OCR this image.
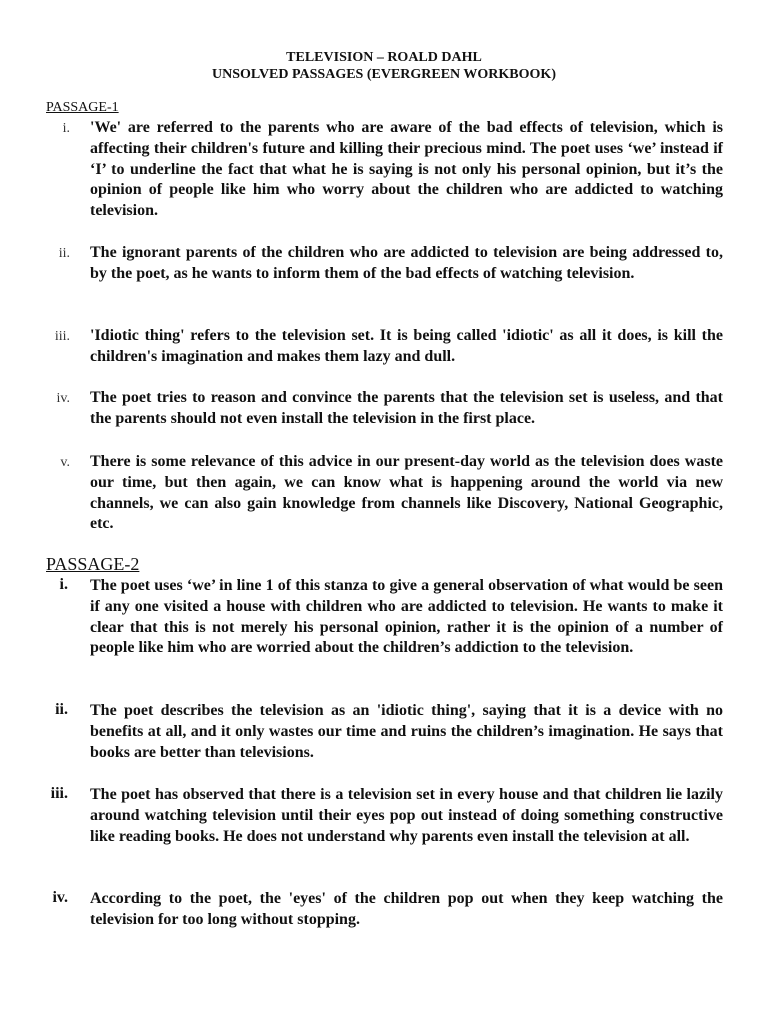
TELEVISION – ROALD DAHL
UNSOLVED PASSAGES (EVERGREEN WORKBOOK)
PASSAGE-1
i. 'We' are referred to the parents who are aware of the bad effects of television, which is affecting their children's future and killing their precious mind. The poet uses ‘we’ instead if ‘I’ to underline the fact that what he is saying is not only his personal opinion, but it’s the opinion of people like him who worry about the children who are addicted to watching television.

ii. The ignorant parents of the children who are addicted to television are being addressed to, by the poet, as he wants to inform them of the bad effects of watching television.

iii. 'Idiotic thing' refers to the television set. It is being called 'idiotic' as all it does, is kill the children's imagination and makes them lazy and dull.

iv. The poet tries to reason and convince the parents that the television set is useless, and that the parents should not even install the television in the first place.

v. There is some relevance of this advice in our present-day world as the television does waste our time, but then again, we can know what is happening around the world via new channels, we can also gain knowledge from channels like Discovery, National Geographic, etc.

PASSAGE-2
i. The poet uses ‘we’ in line 1 of this stanza to give a general observation of what would be seen if any one visited a house with children who are addicted to television. He wants to make it clear that this is not merely his personal opinion, rather it is the opinion of a number of people like him who are worried about the children’s addiction to the television.

ii. The poet describes the television as an 'idiotic thing', saying that it is a device with no benefits at all, and it only wastes our time and ruins the children’s imagination. He says that books are better than televisions.

iii. The poet has observed that there is a television set in every house and that children lie lazily around watching television until their eyes pop out instead of doing something constructive like reading books. He does not understand why parents even install the television at all.

iv. According to the poet, the 'eyes' of the children pop out when they keep watching the television for too long without stopping.
